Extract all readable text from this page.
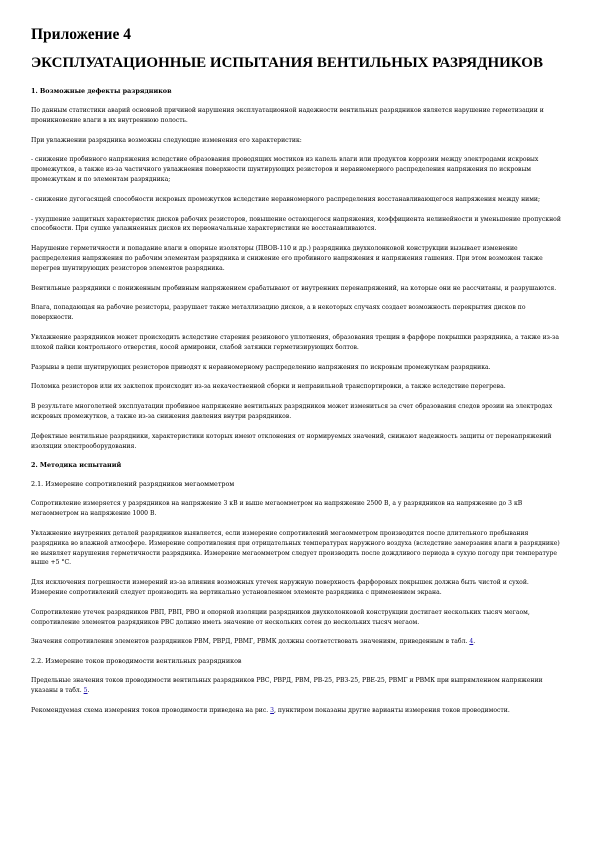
Приложение 4
ЭКСПЛУАТАЦИОННЫЕ ИСПЫТАНИЯ ВЕНТИЛЬНЫХ РАЗРЯДНИКОВ
1. Возможные дефекты разрядников

По данным статистики аварий основной причиной нарушения эксплуатационной надежности вентильных разрядников является нарушение герметизации и проникновение влаги в их внутреннюю полость.

При увлажнении разрядника возможны следующие изменения его характеристик:

- снижение пробивного напряжения вследствие образования проводящих мостиков из капель влаги или продуктов коррозии между электродами искровых промежутков, а также из-за частичного увлажнения поверхности шунтирующих резисторов и неравномерного распределения напряжения по искровым промежуткам и по элементам разрядника;

- снижение дугогасящей способности искровых промежутков вследствие неравномерного распределения восстанавливающегося напряжения между ними;

- ухудшение защитных характеристик дисков рабочих резисторов, повышение остающегося напряжения, коэффициента нелинейности и уменьшение пропускной способности. При сушке увлажненных дисков их первоначальные характеристики не восстанавливаются.

Нарушение герметичности и попадание влаги в опорные изоляторы (ПВОВ-110 и др.) разрядника двухколонковой конструкции вызывает изменение распределения напряжения по рабочим элементам разрядника и снижение его пробивного напряжения и напряжения гашения. При этом возможен также перегрев шунтирующих резисторов элементов разрядника.

Вентильные разрядники с пониженным пробивным напряжением срабатывают от внутренних перенапряжений, на которые они не рассчитаны, и разрушаются.

Влага, попадающая на рабочие резисторы, разрушает также металлизацию дисков, а в некоторых случаях создает возможность перекрытия дисков по поверхности.

Увлажнение разрядников может происходить вследствие старения резинового уплотнения, образования трещин в фарфоре покрышки разрядника, а также из-за плохой пайки контрольного отверстия, косой армировки, слабой затяжки герметизирующих болтов.

Разрывы в цепи шунтирующих резисторов приводят к неравномерному распределению напряжения по искровым промежуткам разрядника.

Поломка резисторов или их заклепок происходит из-за некачественной сборки и неправильной транспортировки, а также вследствие перегрева.

В результате многолетней эксплуатации пробивное напряжение вентильных разрядников может измениться за счет образования следов эрозии на электродах искровых промежутков, а также из-за снижения давления внутри разрядников.

Дефектные вентильные разрядники, характеристики которых имеют отклонения от нормируемых значений, снижают надежность защиты от перенапряжений изоляции электрооборудования.

2. Методика испытаний
2.1. Измерение сопротивлений разрядников мегаомметром

Сопротивление измеряется у разрядников на напряжение 3 кВ и выше мегаомметром на напряжение 2500 В, а у разрядников на напряжение до 3 кВ мегаомметром на напряжение 1000 В.

Увлажнение внутренних деталей разрядников выявляется, если измерение сопротивлений мегаомметром производится после длительного пребывания разрядника во влажной атмосфере. Измерение сопротивления при отрицательных температурах наружного воздуха (вследствие замерзания влаги в разряднике) не выявляет нарушения герметичности разрядника. Измерение мегаомметром следует производить после дождливого периода в сухую погоду при температуре выше +5 °С.

Для исключения погрешности измерений из-за влияния возможных утечек наружную поверхность фарфоровых покрышек должна быть чистой и сухой. Измерение сопротивлений следует производить на вертикально установленном элементе разрядника с применением экрана.

Сопротивление утечек разрядников РВП, РВП, РВО и опорной изоляции разрядников двухколонковой конструкции достигает нескольких тысяч мегаом, сопротивление элементов разрядников РВС должно иметь значение от нескольких сотен до нескольких тысяч мегаом.

Значения сопротивления элементов разрядников РВМ, РВРД, РВМГ, РВМК должны соответствовать значениям, приведенным в табл. 4.

2.2. Измерение токов проводимости вентильных разрядников

Предельные значения токов проводимости вентильных разрядников РВС, РВРД, РВМ, РВ-25, РВЗ-25, РВЕ-25, РВМГ и РВМК при выпрямленном напряжении указаны в табл. 5.

Рекомендуемая схема измерения токов проводимости приведена на рис. 3, пунктиром показаны другие варианты измерения токов проводимости.
